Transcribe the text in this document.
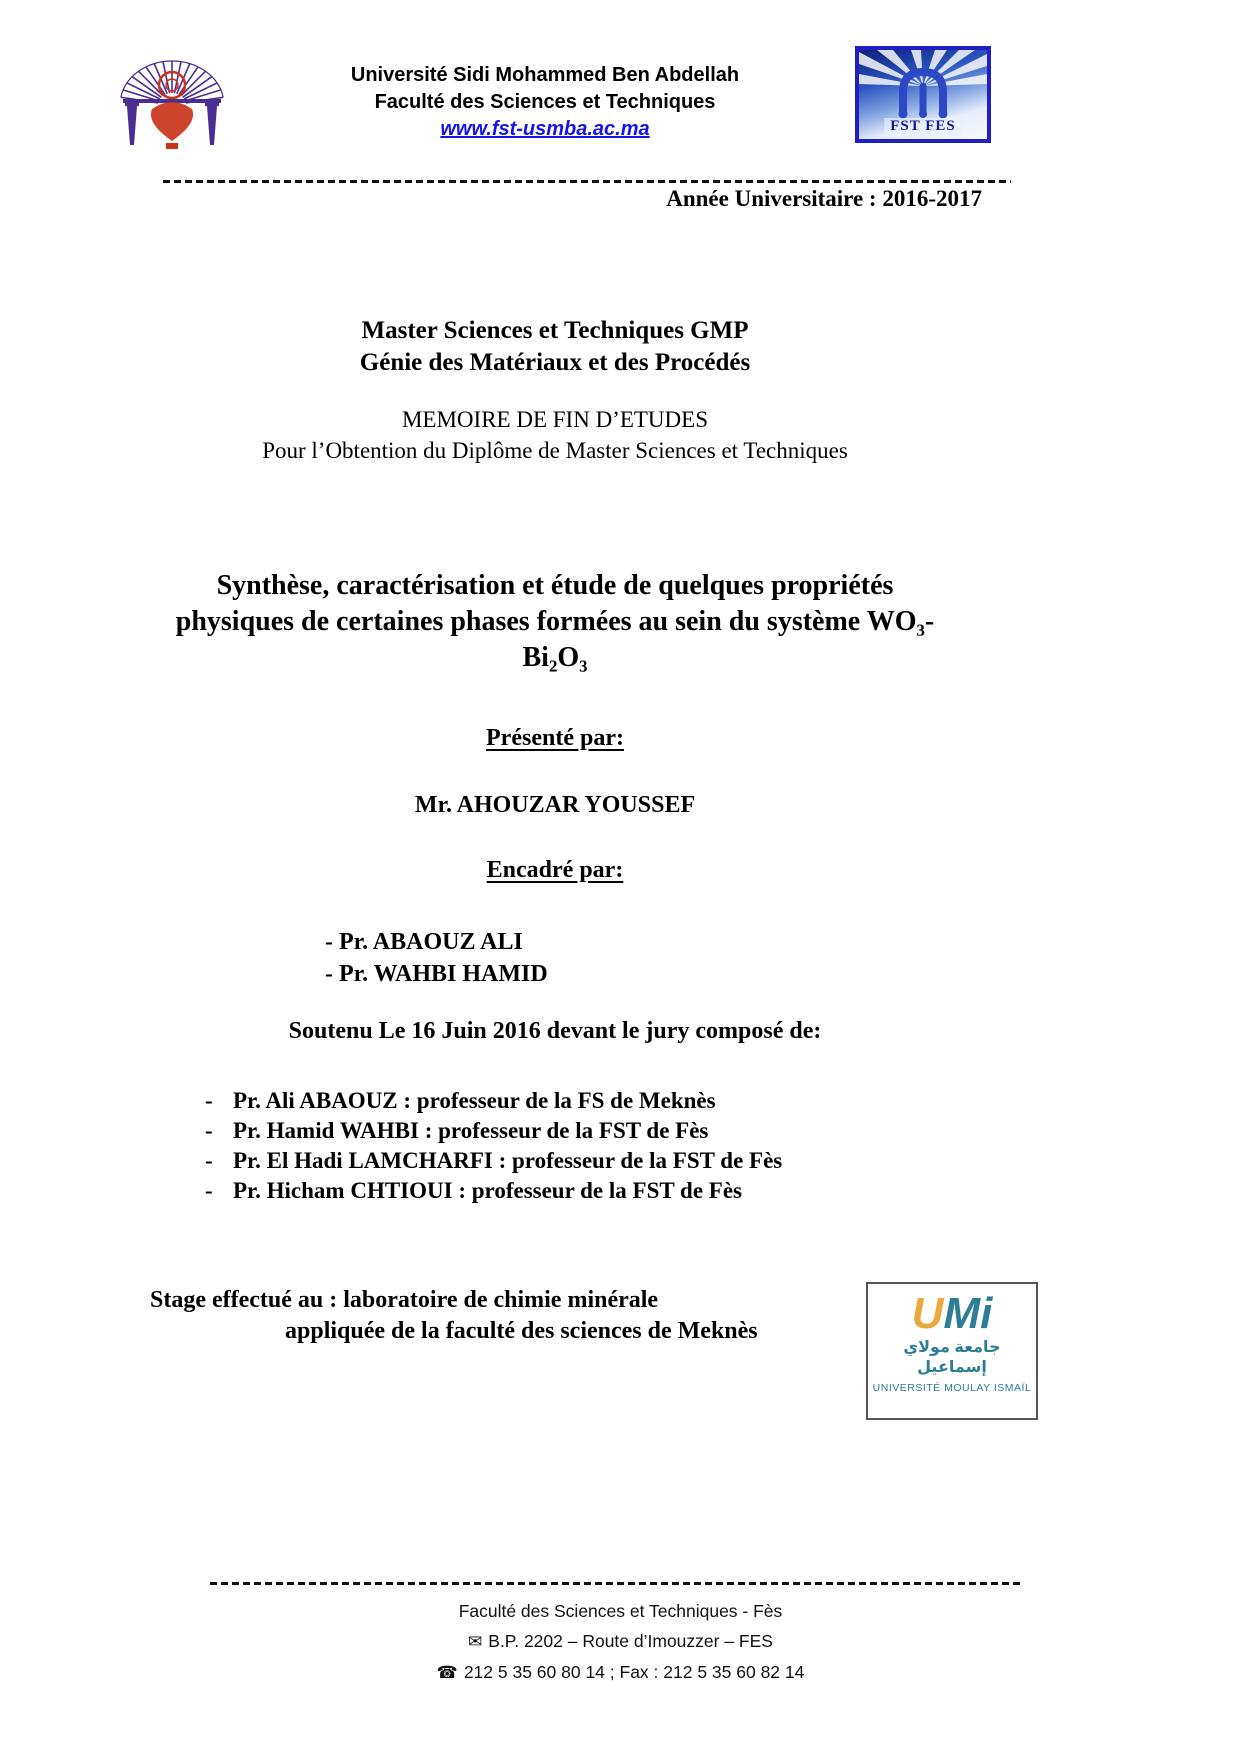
Université Sidi Mohammed Ben Abdellah
Faculté des Sciences et Techniques
www.fst-usmba.ac.ma	FST FES
Année Universitaire : 2016-2017
Master Sciences et Techniques GMP
Génie des Matériaux et des Procédés
MEMOIRE DE FIN D’ETUDES
Pour l’Obtention du Diplôme de Master Sciences et Techniques
Synthèse, caractérisation et étude de quelques propriétés
physiques de certaines phases formées au sein du système WO₃-
Bi₂O₃
Présenté par:
Mr. AHOUZAR YOUSSEF
Encadré par:
- Pr. ABAOUZ ALI
- Pr. WAHBI HAMID
Soutenu Le 16 Juin 2016 devant le jury composé de:
- Pr. Ali ABAOUZ : professeur de la FS de Meknès
- Pr. Hamid WAHBI : professeur de la FST de Fès
- Pr. El Hadi LAMCHARFI : professeur de la FST de Fès
- Pr. Hicham CHTIOUI : professeur de la FST de Fès
Stage effectué au : laboratoire de chimie minérale
appliquée de la faculté des sciences de Meknès	UMi
جامعة مولاي إسماعيل
UNIVERSITÉ MOULAY ISMAÏL
Faculté des Sciences et Techniques - Fès
✉ B.P. 2202 – Route d’Imouzzer – FES
☎ 212 5 35 60 80 14 ; Fax : 212 5 35 60 82 14
